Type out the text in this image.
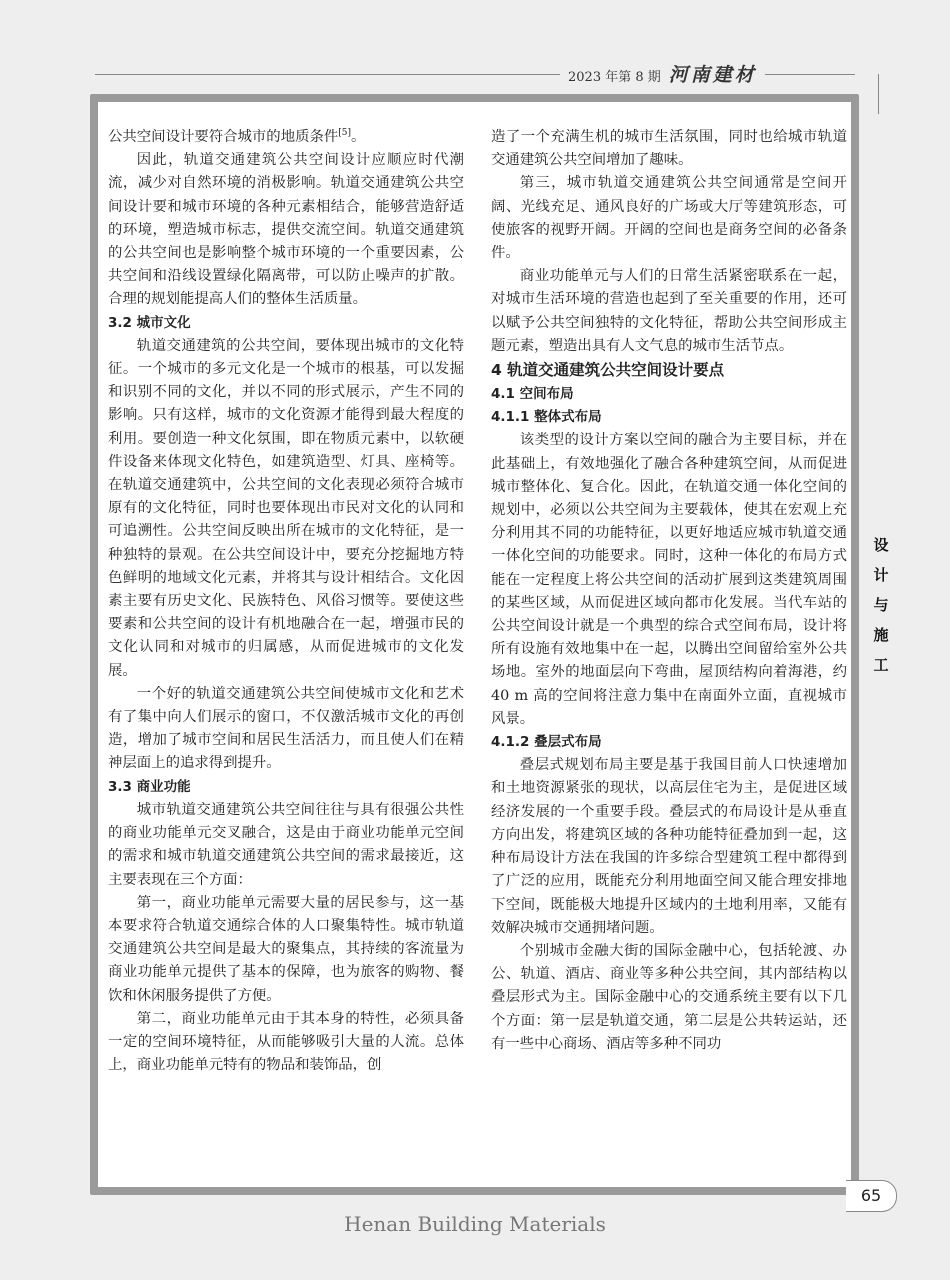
2023 年第 8 期 河南建材

公共空间设计要符合城市的地质条件[5]。

因此，轨道交通建筑公共空间设计应顺应时代潮流，减少对自然环境的消极影响。轨道交通建筑公共空间设计要和城市环境的各种元素相结合，能够营造舒适的环境，塑造城市标志，提供交流空间。轨道交通建筑的公共空间也是影响整个城市环境的一个重要因素，公共空间和沿线设置绿化隔离带，可以防止噪声的扩散。合理的规划能提高人们的整体生活质量。

3.2 城市文化

轨道交通建筑的公共空间，要体现出城市的文化特征。一个城市的多元文化是一个城市的根基，可以发掘和识别不同的文化，并以不同的形式展示，产生不同的影响。只有这样，城市的文化资源才能得到最大程度的利用。要创造一种文化氛围，即在物质元素中，以软硬件设备来体现文化特色，如建筑造型、灯具、座椅等。在轨道交通建筑中，公共空间的文化表现必须符合城市原有的文化特征，同时也要体现出市民对文化的认同和可追溯性。公共空间反映出所在城市的文化特征，是一种独特的景观。在公共空间设计中，要充分挖掘地方特色鲜明的地域文化元素，并将其与设计相结合。文化因素主要有历史文化、民族特色、风俗习惯等。要使这些要素和公共空间的设计有机地融合在一起，增强市民的文化认同和对城市的归属感，从而促进城市的文化发展。

一个好的轨道交通建筑公共空间使城市文化和艺术有了集中向人们展示的窗口，不仅激活城市文化的再创造，增加了城市空间和居民生活活力，而且使人们在精神层面上的追求得到提升。

3.3 商业功能

城市轨道交通建筑公共空间往往与具有很强公共性的商业功能单元交叉融合，这是由于商业功能单元空间的需求和城市轨道交通建筑公共空间的需求最接近，这主要表现在三个方面：

第一，商业功能单元需要大量的居民参与，这一基本要求符合轨道交通综合体的人口聚集特性。城市轨道交通建筑公共空间是最大的聚集点，其持续的客流量为商业功能单元提供了基本的保障，也为旅客的购物、餐饮和休闲服务提供了方便。

第二，商业功能单元由于其本身的特性，必须具备一定的空间环境特征，从而能够吸引大量的人流。总体上，商业功能单元特有的物品和装饰品，创

造了一个充满生机的城市生活氛围，同时也给城市轨道交通建筑公共空间增加了趣味。

第三，城市轨道交通建筑公共空间通常是空间开阔、光线充足、通风良好的广场或大厅等建筑形态，可使旅客的视野开阔。开阔的空间也是商务空间的必备条件。

商业功能单元与人们的日常生活紧密联系在一起，对城市生活环境的营造也起到了至关重要的作用，还可以赋予公共空间独特的文化特征，帮助公共空间形成主题元素，塑造出具有人文气息的城市生活节点。

4 轨道交通建筑公共空间设计要点
4.1 空间布局
4.1.1 整体式布局

该类型的设计方案以空间的融合为主要目标，并在此基础上，有效地强化了融合各种建筑空间，从而促进城市整体化、复合化。因此，在轨道交通一体化空间的规划中，必须以公共空间为主要载体，使其在宏观上充分利用其不同的功能特征，以更好地适应城市轨道交通一体化空间的功能要求。同时，这种一体化的布局方式能在一定程度上将公共空间的活动扩展到这类建筑周围的某些区域，从而促进区域向都市化发展。当代车站的公共空间设计就是一个典型的综合式空间布局，设计将所有设施有效地集中在一起，以腾出空间留给室外公共场地。室外的地面层向下弯曲，屋顶结构向着海港，约 40 m 高的空间将注意力集中在南面外立面，直视城市风景。

4.1.2 叠层式布局

叠层式规划布局主要是基于我国目前人口快速增加和土地资源紧张的现状，以高层住宅为主，是促进区域经济发展的一个重要手段。叠层式的布局设计是从垂直方向出发，将建筑区域的各种功能特征叠加到一起，这种布局设计方法在我国的许多综合型建筑工程中都得到了广泛的应用，既能充分利用地面空间又能合理安排地下空间，既能极大地提升区域内的土地利用率，又能有效解决城市交通拥堵问题。

个别城市金融大街的国际金融中心，包括轮渡、办公、轨道、酒店、商业等多种公共空间，其内部结构以叠层形式为主。国际金融中心的交通系统主要有以下几个方面：第一层是轨道交通，第二层是公共转运站，还有一些中心商场、酒店等多种不同功

设
计
与
施
工
65
Henan Building Materials
